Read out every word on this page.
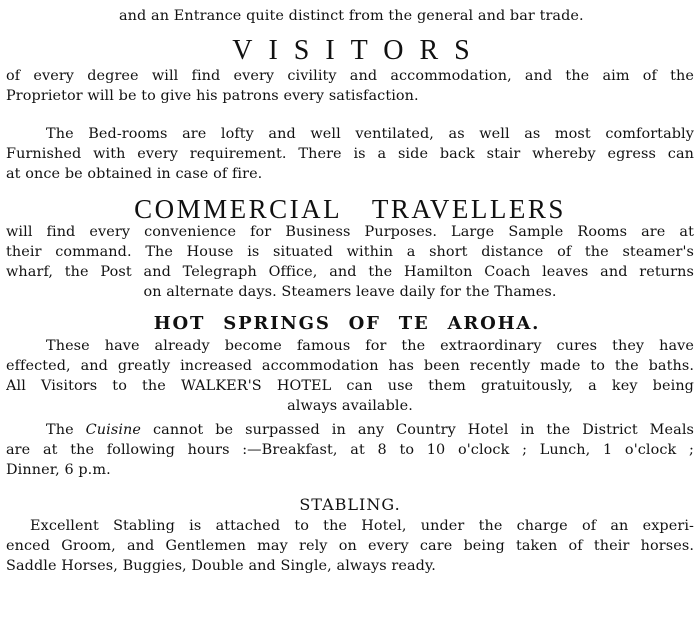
and an Entrance quite distinct from the general and bar trade.
VISITORS
of every degree will find every civility and accommodation, and the aim of the
Proprietor will be to give his patrons every satisfaction.
The Bed-rooms are lofty and well ventilated, as well as most comfortably
Furnished with every requirement. There is a side back stair whereby egress can
at once be obtained in case of fire.
COMMERCIAL TRAVELLERS
will find every convenience for Business Purposes. Large Sample Rooms are at
their command. The House is situated within a short distance of the steamer's
wharf, the Post and Telegraph Office, and the Hamilton Coach leaves and returns
on alternate days. Steamers leave daily for the Thames.
HOT SPRINGS OF TE AROHA.
These have already become famous for the extraordinary cures they have
effected, and greatly increased accommodation has been recently made to the baths.
All Visitors to the WALKER'S HOTEL can use them gratuitously, a key being
always available.
The Cuisine cannot be surpassed in any Country Hotel in the District Meals
are at the following hours :—Breakfast, at 8 to 10 o'clock ; Lunch, 1 o'clock ;
Dinner, 6 p.m.
STABLING.
Excellent Stabling is attached to the Hotel, under the charge of an experi-
enced Groom, and Gentlemen may rely on every care being taken of their horses.
Saddle Horses, Buggies, Double and Single, always ready.
